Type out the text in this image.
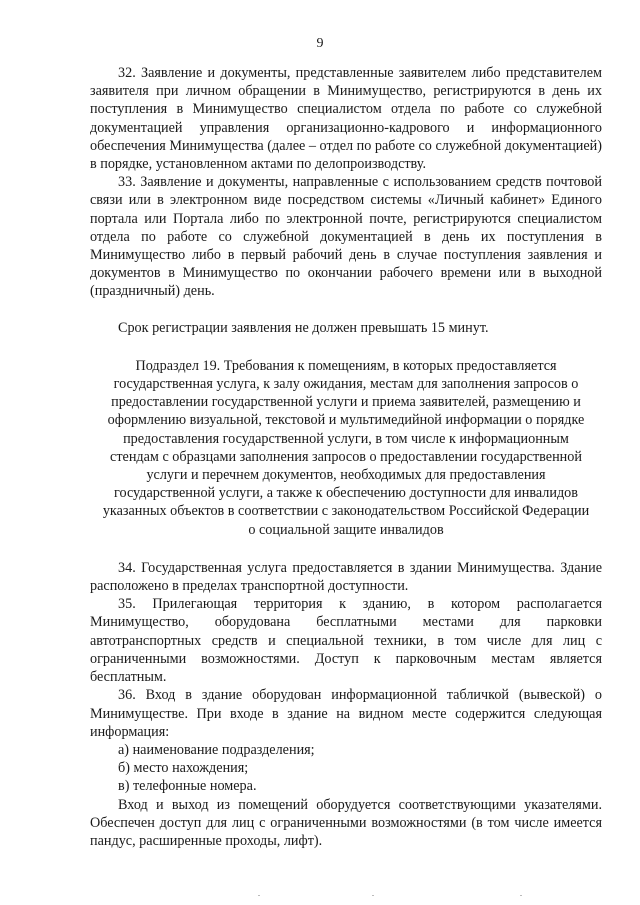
9

32. Заявление и документы, представленные заявителем либо представителем заявителя при личном обращении в Минимущество, регистрируются в день их поступления в Минимущество специалистом отдела по работе со служебной документацией управления организационно-кадрового и информационного обеспечения Минимущества (далее – отдел по работе со служебной документацией) в порядке, установленном актами по делопроизводству.

33. Заявление и документы, направленные с использованием средств почтовой связи или в электронном виде посредством системы «Личный кабинет» Единого портала или Портала либо по электронной почте, регистрируются специалистом отдела по работе со служебной документацией в день их поступления в Минимущество либо в первый рабочий день в случае поступления заявления и документов в Минимущество по окончании рабочего времени или в выходной (праздничный) день.

Срок регистрации заявления не должен превышать 15 минут.

Подраздел 19. Требования к помещениям, в которых предоставляется государственная услуга, к залу ожидания, местам для заполнения запросов о предоставлении государственной услуги и приема заявителей, размещению и оформлению визуальной, текстовой и мультимедийной информации о порядке предоставления государственной услуги, в том числе к информационным стендам с образцами заполнения запросов о предоставлении государственной услуги и перечнем документов, необходимых для предоставления государственной услуги, а также к обеспечению доступности для инвалидов указанных объектов в соответствии с законодательством Российской Федерации о социальной защите инвалидов

34. Государственная услуга предоставляется в здании Минимущества. Здание расположено в пределах транспортной доступности.

35. Прилегающая территория к зданию, в котором располагается Минимущество, оборудована бесплатными местами для парковки автотранспортных средств и специальной техники, в том числе для лиц с ограниченными возможностями. Доступ к парковочным местам является бесплатным.

36. Вход в здание оборудован информационной табличкой (вывеской) о Минимуществе. При входе в здание на видном месте содержится следующая информация:

а) наименование подразделения;

б) место нахождения;

в) телефонные номера.

Вход и выход из помещений оборудуется соответствующими указателями. Обеспечен доступ для лиц с ограниченными возможностями (в том числе имеется пандус, расширенные проходы, лифт).
